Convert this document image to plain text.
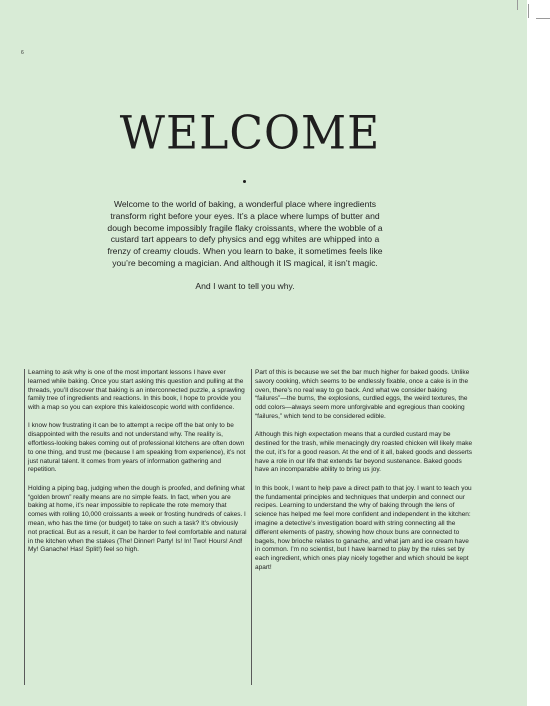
6
WELCOME

Welcome to the world of baking, a wonderful place where ingredients transform right before your eyes. It’s a place where lumps of butter and dough become impossibly fragile flaky croissants, where the wobble of a custard tart appears to defy physics and egg whites are whipped into a frenzy of creamy clouds. When you learn to bake, it sometimes feels like you’re becoming a magician. And although it IS magical, it isn’t magic.

And I want to tell you why.

Learning to ask why is one of the most important lessons I have ever learned while baking. Once you start asking this question and pulling at the threads, you’ll discover that baking is an interconnected puzzle, a sprawling family tree of ingredients and reactions. In this book, I hope to provide you with a map so you can explore this kaleidoscopic world with confidence.

I know how frustrating it can be to attempt a recipe off the bat only to be disappointed with the results and not understand why. The reality is, effortless-looking bakes coming out of professional kitchens are often down to one thing, and trust me (because I am speaking from experience), it’s not just natural talent. It comes from years of information gathering and repetition.

Holding a piping bag, judging when the dough is proofed, and defining what “golden brown” really means are no simple feats. In fact, when you are baking at home, it’s near impossible to replicate the rote memory that comes with rolling 10,000 croissants a week or frosting hundreds of cakes. I mean, who has the time (or budget) to take on such a task? It’s obviously not practical. But as a result, it can be harder to feel comfortable and natural in the kitchen when the stakes (The! Dinner! Party! Is! In! Two! Hours! And! My! Ganache! Has! Split!) feel so high.

Part of this is because we set the bar much higher for baked goods. Unlike savory cooking, which seems to be endlessly fixable, once a cake is in the oven, there’s no real way to go back. And what we consider baking “failures”—the burns, the explosions, curdled eggs, the weird textures, the odd colors—always seem more unforgivable and egregious than cooking “failures,” which tend to be considered edible.

Although this high expectation means that a curdled custard may be destined for the trash, while menacingly dry roasted chicken will likely make the cut, it’s for a good reason. At the end of it all, baked goods and desserts have a role in our life that extends far beyond sustenance. Baked goods have an incomparable ability to bring us joy.

In this book, I want to help pave a direct path to that joy. I want to teach you the fundamental principles and techniques that underpin and connect our recipes. Learning to understand the why of baking through the lens of science has helped me feel more confident and independent in the kitchen: imagine a detective’s investigation board with string connecting all the different elements of pastry, showing how choux buns are connected to bagels, how brioche relates to ganache, and what jam and ice cream have in common. I’m no scientist, but I have learned to play by the rules set by each ingredient, which ones play nicely together and which should be kept apart!
